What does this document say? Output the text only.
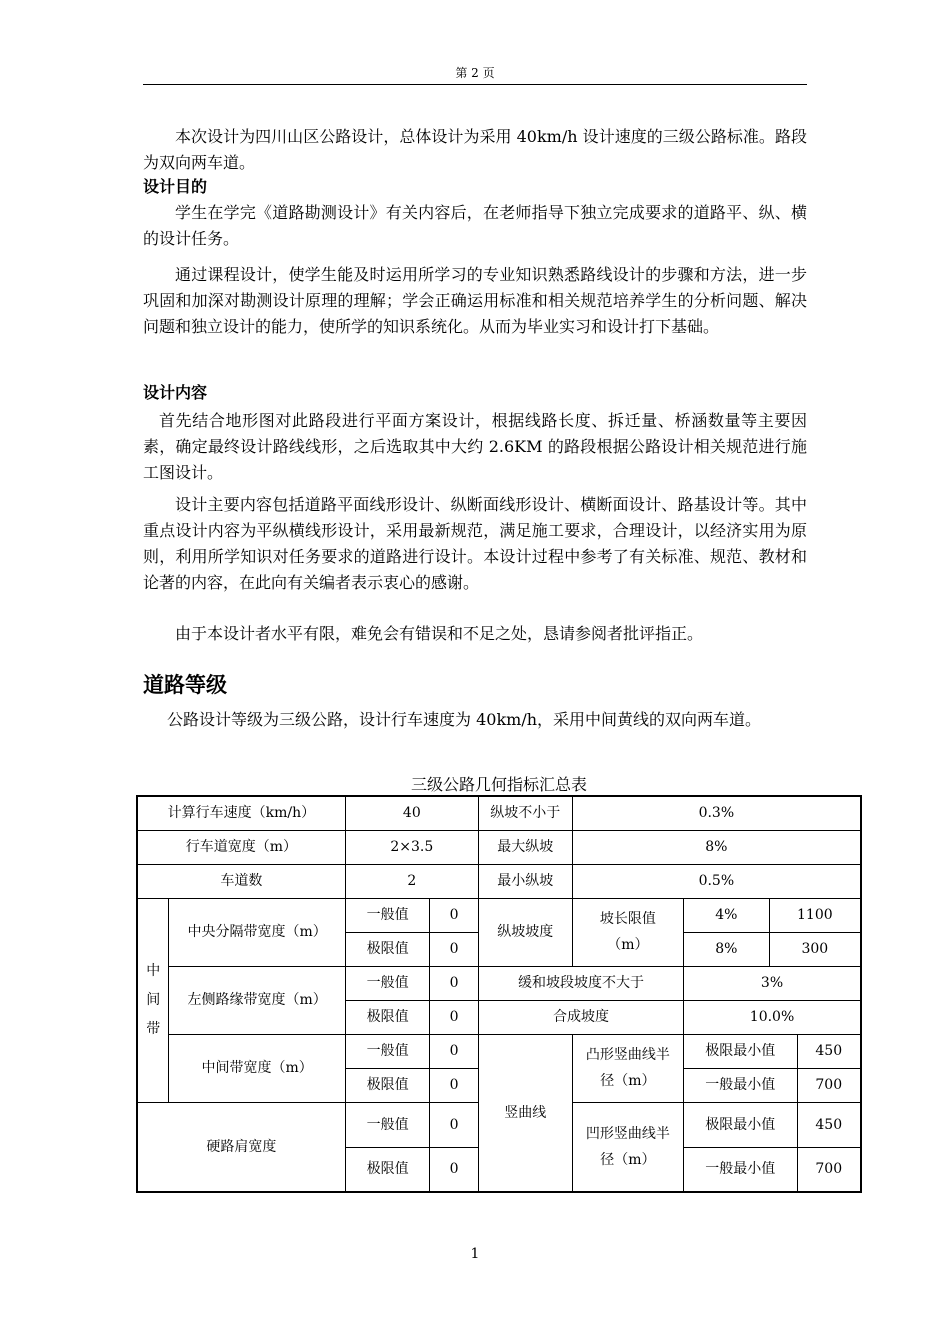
第 2 页
本次设计为四川山区公路设计，总体设计为采用 40km/h 设计速度的三级公路标准。路段为双向两车道。
设计目的
学生在学完《道路勘测设计》有关内容后，在老师指导下独立完成要求的道路平、纵、横的设计任务。
通过课程设计，使学生能及时运用所学习的专业知识熟悉路线设计的步骤和方法，进一步巩固和加深对勘测设计原理的理解；学会正确运用标准和相关规范培养学生的分析问题、解决问题和独立设计的能力，使所学的知识系统化。从而为毕业实习和设计打下基础。
设计内容
首先结合地形图对此路段进行平面方案设计，根据线路长度、拆迁量、桥涵数量等主要因素，确定最终设计路线线形，之后选取其中大约 2.6KM 的路段根据公路设计相关规范进行施工图设计。
设计主要内容包括道路平面线形设计、纵断面线形设计、横断面设计、路基设计等。其中重点设计内容为平纵横线形设计，采用最新规范，满足施工要求，合理设计，以经济实用为原则，利用所学知识对任务要求的道路进行设计。本设计过程中参考了有关标准、规范、教材和论著的内容，在此向有关编者表示衷心的感谢。
由于本设计者水平有限，难免会有错误和不足之处，恳请参阅者批评指正。
道路等级
公路设计等级为三级公路，设计行车速度为 40km/h，采用中间黄线的双向两车道。
三级公路几何指标汇总表
计算行车速度（km/h）		40		纵坡不小于	0.3%			
行车道宽度（m）		2×3.5		最大纵坡	8%			
车道数		2		最小纵坡	0.5%			
中间带	中央分隔带宽度（m）	一般值	0	纵坡坡度	坡长限值（m）	4%	1100	
		极限值	0			8%	300	
	左侧路缘带宽度（m）	一般值	0	缓和坡段坡度不大于		3%		
		极限值	0	合成坡度		10.0%		
	中间带宽度（m）	一般值	0	竖曲线	凸形竖曲线半径（m）	极限最小值		450
		极限值	0			一般最小值		700
硬路肩宽度		一般值	0		凹形竖曲线半径（m）	极限最小值		450
		极限值	0			一般最小值		700
1
